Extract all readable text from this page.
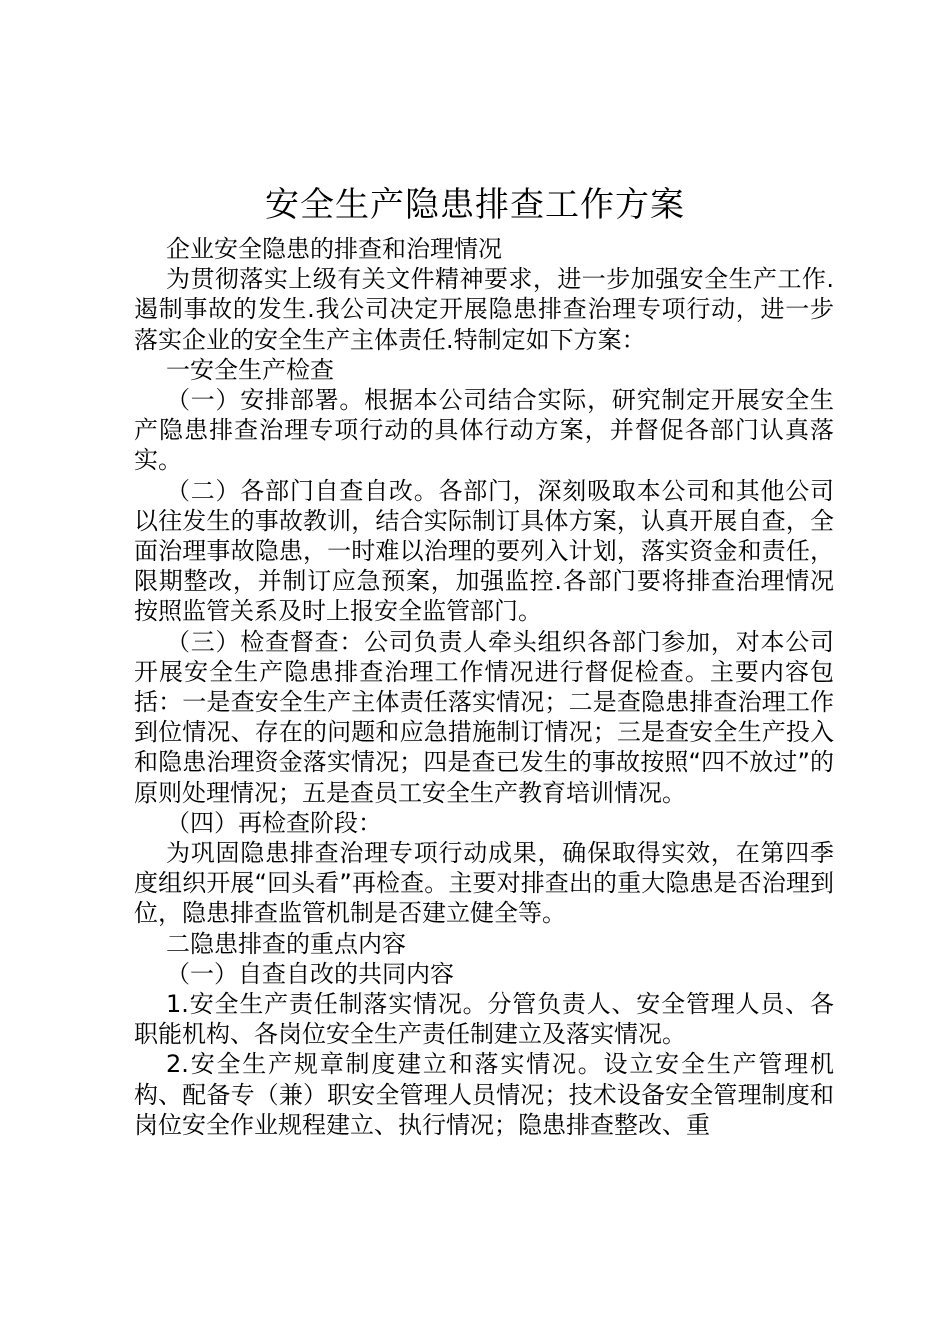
安全生产隐患排查工作方案

企业安全隐患的排查和治理情况

为贯彻落实上级有关文件精神要求，进一步加强安全生产工作.遏制事故的发生.我公司决定开展隐患排查治理专项行动，进一步落实企业的安全生产主体责任.特制定如下方案：

一安全生产检查

（一）安排部署。根据本公司结合实际，研究制定开展安全生产隐患排查治理专项行动的具体行动方案，并督促各部门认真落实。

（二）各部门自查自改。各部门，深刻吸取本公司和其他公司以往发生的事故教训，结合实际制订具体方案，认真开展自查，全面治理事故隐患，一时难以治理的要列入计划，落实资金和责任，限期整改，并制订应急预案，加强监控.各部门要将排查治理情况按照监管关系及时上报安全监管部门。

（三）检查督查：公司负责人牵头组织各部门参加，对本公司开展安全生产隐患排查治理工作情况进行督促检查。主要内容包括：一是查安全生产主体责任落实情况；二是查隐患排查治理工作到位情况、存在的问题和应急措施制订情况；三是查安全生产投入和隐患治理资金落实情况；四是查已发生的事故按照“四不放过”的原则处理情况；五是查员工安全生产教育培训情况。

（四）再检查阶段：

为巩固隐患排查治理专项行动成果，确保取得实效，在第四季度组织开展“回头看”再检查。主要对排查出的重大隐患是否治理到位，隐患排查监管机制是否建立健全等。

二隐患排查的重点内容

（一）自查自改的共同内容

1.安全生产责任制落实情况。分管负责人、安全管理人员、各职能机构、各岗位安全生产责任制建立及落实情况。

2.安全生产规章制度建立和落实情况。设立安全生产管理机构、配备专（兼）职安全管理人员情况；技术设备安全管理制度和岗位安全作业规程建立、执行情况；隐患排查整改、重
